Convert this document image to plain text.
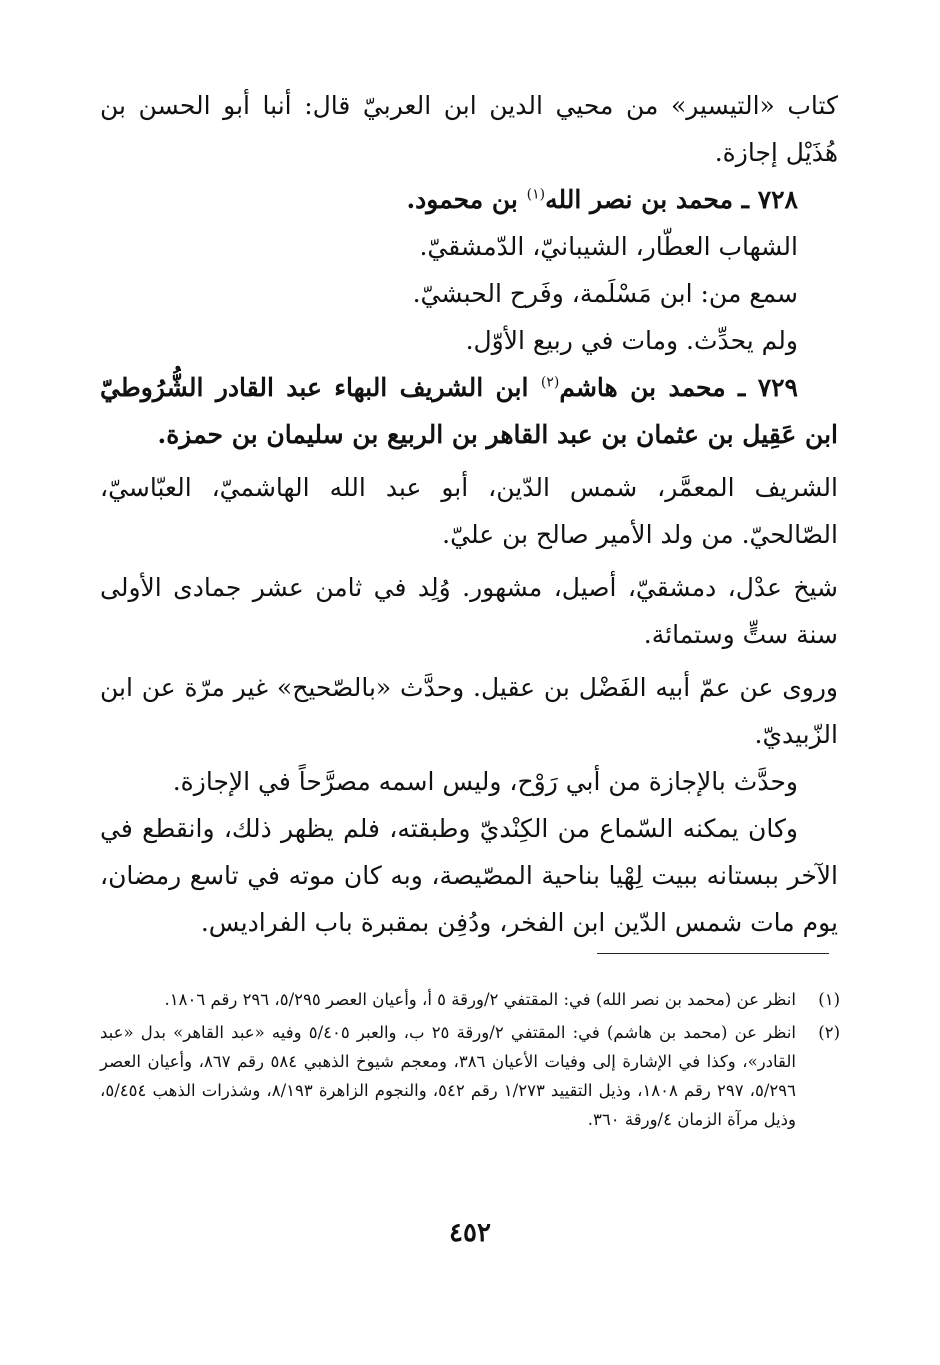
كتاب «التيسير» من محيي الدين ابن العربيّ قال: أنبا أبو الحسن بن هُذَيْل إجازة.

٧٢٨ ـ محمد بن نصر الله$^{(١)}$ بن محمود.

الشهاب العطّار، الشيبانيّ، الدّمشقيّ.

سمع من: ابن مَسْلَمة، وفَرح الحبشيّ.

ولم يحدِّث. ومات في ربيع الأوّل.

٧٢٩ ـ محمد بن هاشم$^{(٢)}$ ابن الشريف البهاء عبد القادر الشُّرُوطيّ ابن عَقِيل بن عثمان بن عبد القاهر بن الربيع بن سليمان بن حمزة.

الشريف المعمَّر، شمس الدّين، أبو عبد الله الهاشميّ، العبّاسيّ، الصّالحيّ. من ولد الأمير صالح بن عليّ.

شيخ عدْل، دمشقيّ، أصيل، مشهور. وُلِد في ثامن عشر جمادى الأولى سنة ستٍّ وستمائة.

وروى عن عمّ أبيه الفَضْل بن عقيل. وحدَّث «بالصّحيح» غير مرّة عن ابن الزّبيديّ.

وحدَّث بالإجازة من أبي رَوْح، وليس اسمه مصرَّحاً في الإجازة.

وكان يمكنه السّماع من الكِنْديّ وطبقته، فلم يظهر ذلك، وانقطع في الآخر ببستانه ببيت لِهْيا بناحية المصّيصة، وبه كان موته في تاسع رمضان، يوم مات شمس الدّين ابن الفخر، ودُفِن بمقبرة باب الفراديس.

(١)
انظر عن (محمد بن نصر الله) في: المقتفي ٢/ورقة ٥ أ، وأعيان العصر ٥/٢٩٥، ٢٩٦ رقم ١٨٠٦.
(٢)
انظر عن (محمد بن هاشم) في: المقتفي ٢/ورقة ٢٥ ب، والعبر ٥/٤٠٥ وفيه «عبد القاهر» بدل «عبد القادر»، وكذا في الإشارة إلى وفيات الأعيان ٣٨٦، ومعجم شيوخ الذهبي ٥٨٤ رقم ٨٦٧، وأعيان العصر ٥/٢٩٦، ٢٩٧ رقم ١٨٠٨، وذيل التقييد ١/٢٧٣ رقم ٥٤٢، والنجوم الزاهرة ٨/١٩٣، وشذرات الذهب ٥/٤٥٤، وذيل مرآة الزمان ٤/ورقة ٣٦٠.
٤٥٢
